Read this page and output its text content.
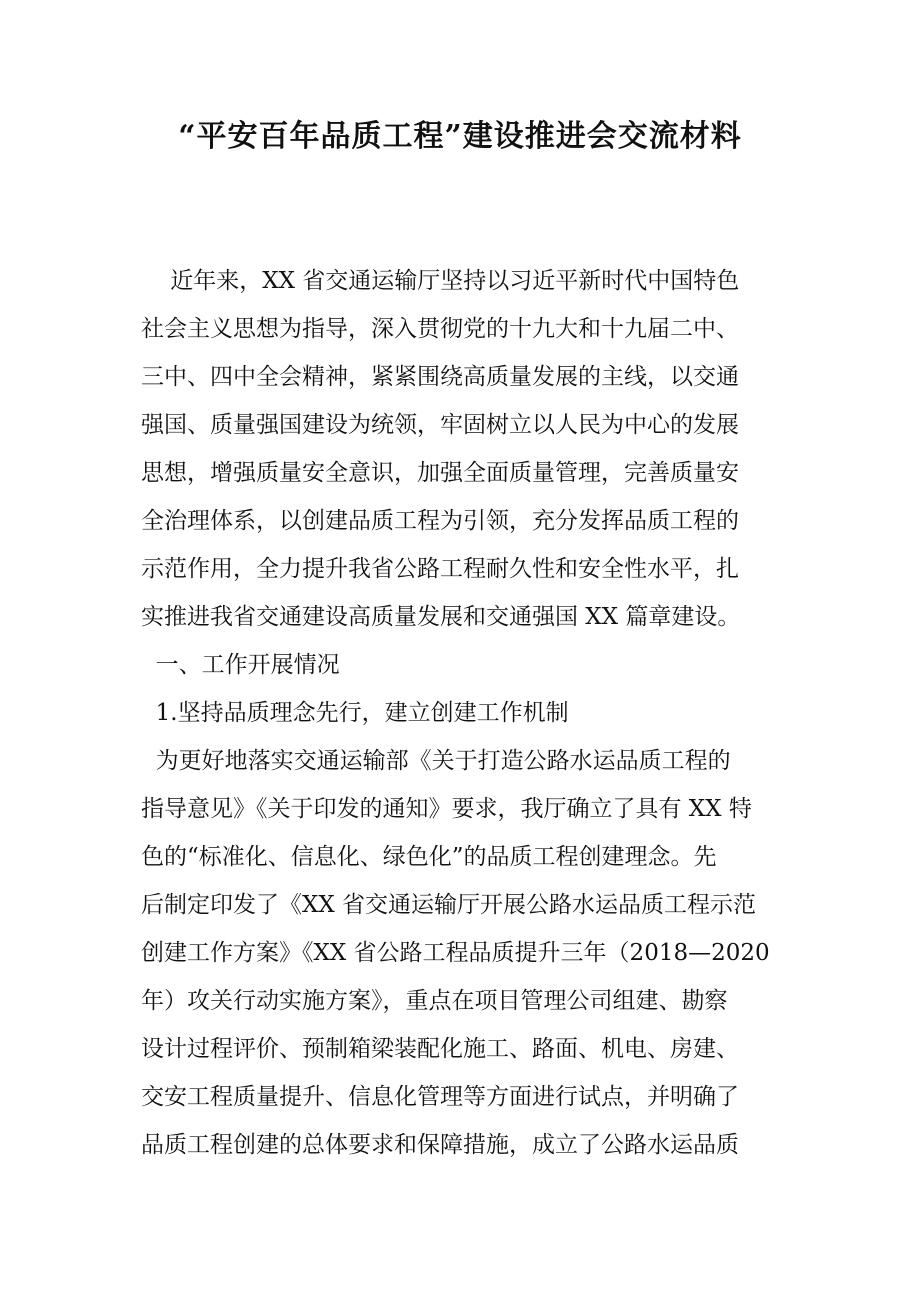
“平安百年品质工程”建设推进会交流材料

近年来，XX 省交通运输厅坚持以习近平新时代中国特色

社会主义思想为指导，深入贯彻党的十九大和十九届二中、

三中、四中全会精神，紧紧围绕高质量发展的主线，以交通

强国、质量强国建设为统领，牢固树立以人民为中心的发展

思想，增强质量安全意识，加强全面质量管理，完善质量安

全治理体系，以创建品质工程为引领，充分发挥品质工程的

示范作用，全力提升我省公路工程耐久性和安全性水平，扎

实推进我省交通建设高质量发展和交通强国 XX 篇章建设。

一、工作开展情况

1.坚持品质理念先行，建立创建工作机制

为更好地落实交通运输部《关于打造公路水运品质工程的

指导意见》《关于印发的通知》要求，我厅确立了具有 XX 特

色的“标准化、信息化、绿色化”的品质工程创建理念。先

后制定印发了《XX 省交通运输厅开展公路水运品质工程示范

创建工作方案》《XX 省公路工程品质提升三年（2018—2020

年）攻关行动实施方案》，重点在项目管理公司组建、勘察

设计过程评价、预制箱梁装配化施工、路面、机电、房建、

交安工程质量提升、信息化管理等方面进行试点，并明确了

品质工程创建的总体要求和保障措施，成立了公路水运品质
